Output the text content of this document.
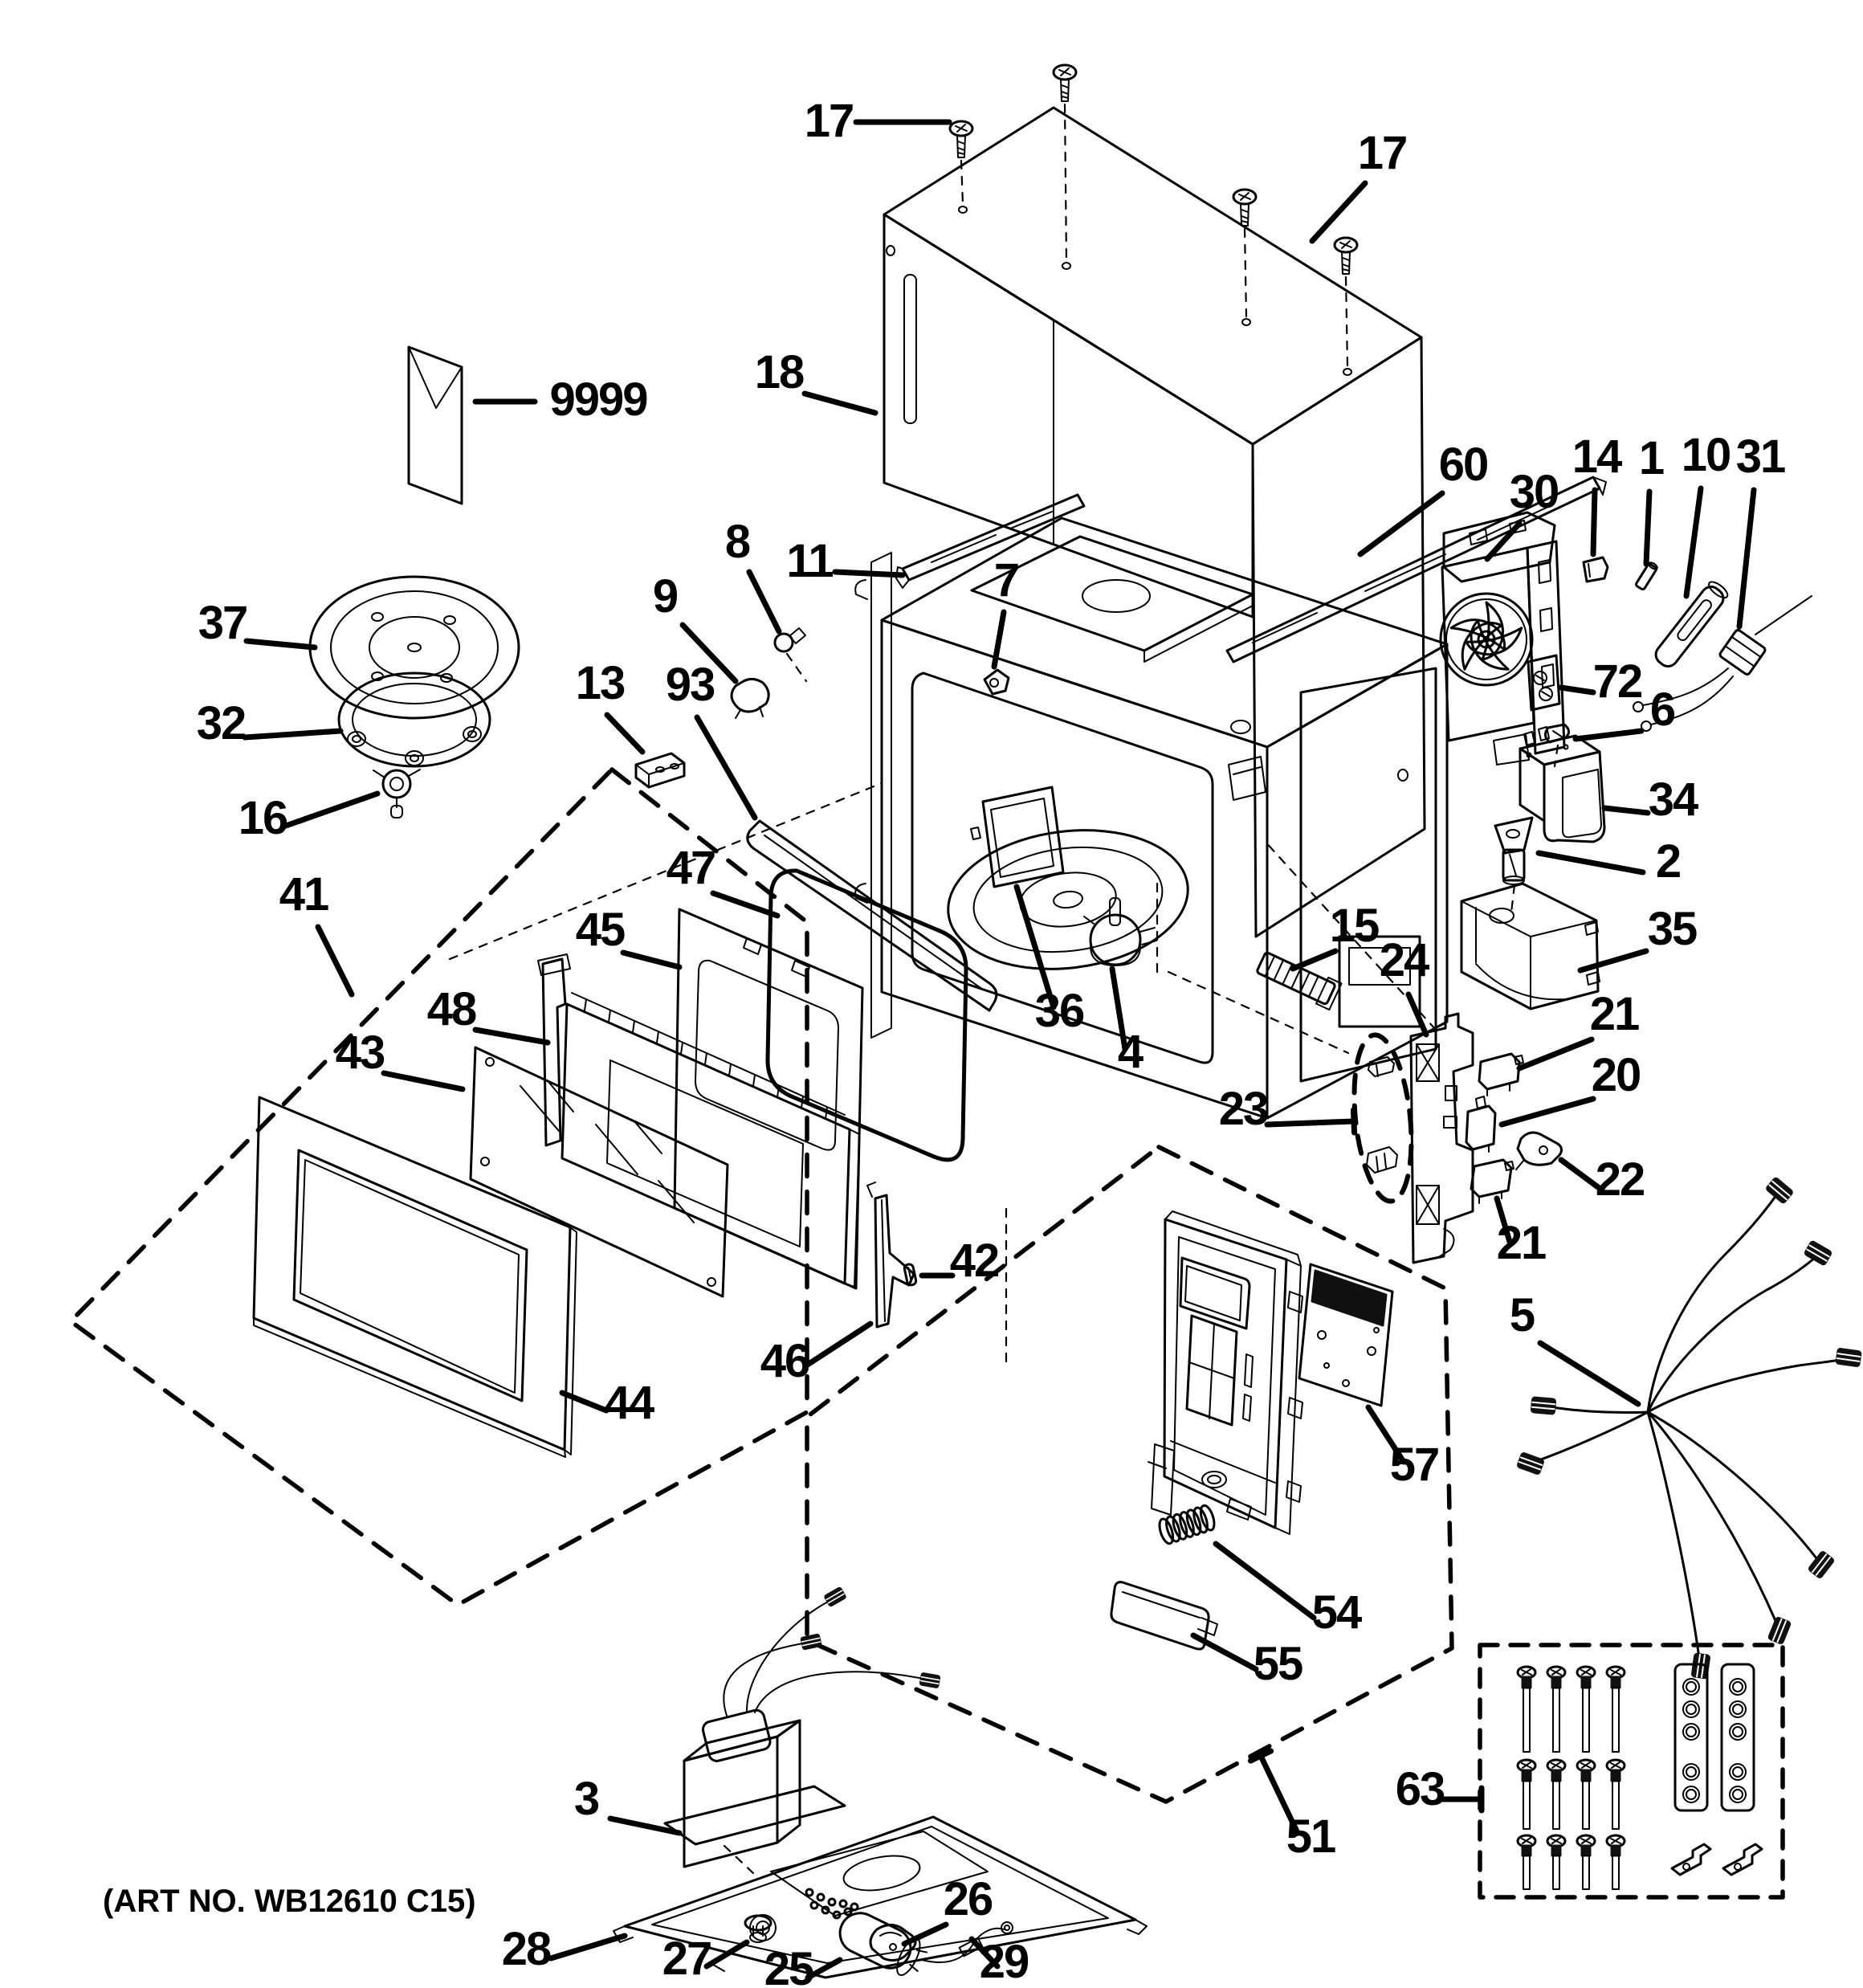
17
17
18
9999
11	7
8
9
60
30
14 1 10 31
72
6
34
2
35
37
32
16
13 93
41
47
45
48
43
36
4
15
24
21
20
23
22
21
42
46
44
5
57
54
55
51
63
3
28
26
27 25	29
(ART NO. WB12610 C15)
